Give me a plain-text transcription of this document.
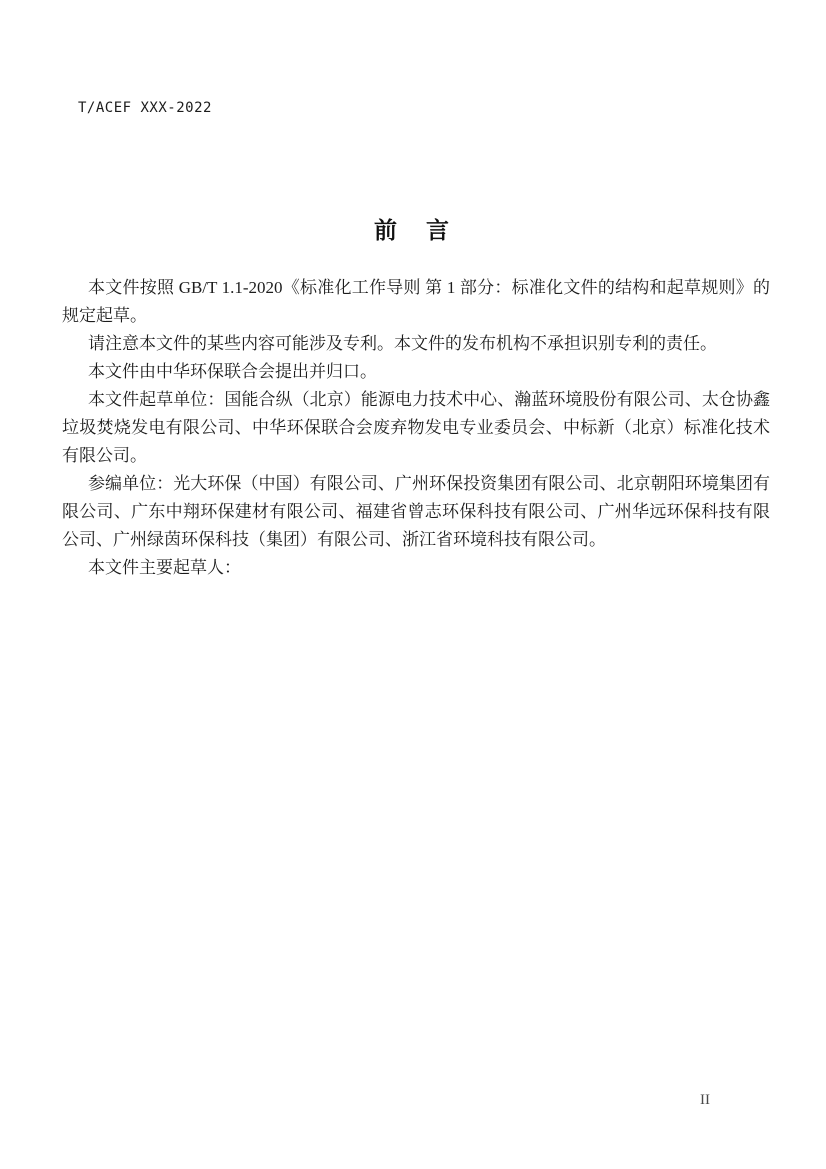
T/ACEF XXX-2022
前　言

本文件按照 GB/T 1.1-2020《标准化工作导则 第 1 部分：标准化文件的结构和起草规则》的规定起草。

请注意本文件的某些内容可能涉及专利。本文件的发布机构不承担识别专利的责任。

本文件由中华环保联合会提出并归口。

本文件起草单位：国能合纵（北京）能源电力技术中心、瀚蓝环境股份有限公司、太仓协鑫垃圾焚烧发电有限公司、中华环保联合会废弃物发电专业委员会、中标新（北京）标准化技术有限公司。

参编单位：光大环保（中国）有限公司、广州环保投资集团有限公司、北京朝阳环境集团有限公司、广东中翔环保建材有限公司、福建省曾志环保科技有限公司、广州华远环保科技有限公司、广州绿茵环保科技（集团）有限公司、浙江省环境科技有限公司。

本文件主要起草人：

II
